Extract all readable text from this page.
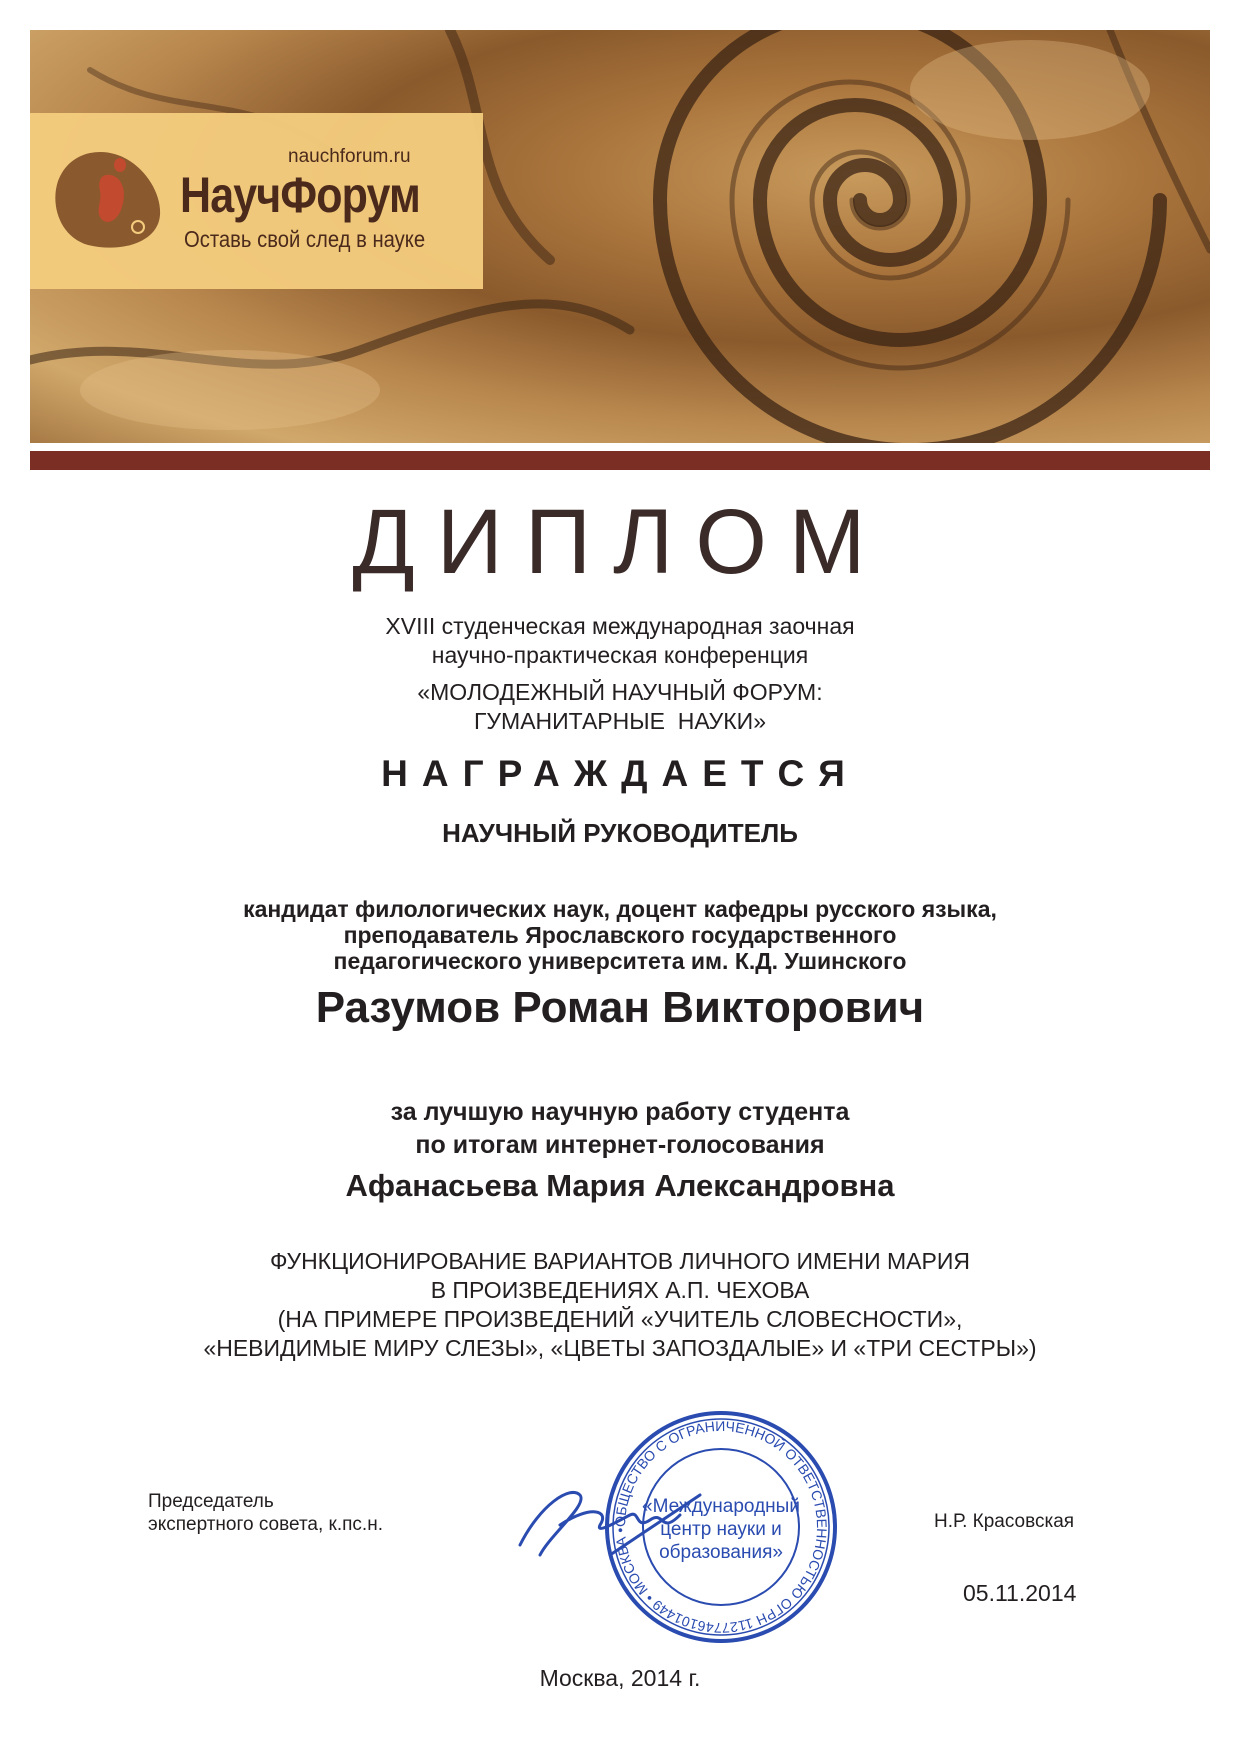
nauchforum.ru
НаучФорум
Оставь свой след в науке
ДИПЛОМ
XVIII студенческая международная заочная
научно-практическая конференция
«МОЛОДЕЖНЫЙ НАУЧНЫЙ ФОРУМ:
ГУМАНИТАРНЫЕ  НАУКИ»
НАГРАЖДАЕТСЯ
НАУЧНЫЙ РУКОВОДИТЕЛЬ
кандидат филологических наук, доцент кафедры русского языка,
преподаватель Ярославского государственного
педагогического университета им. К.Д. Ушинского
Разумов Роман Викторович
за лучшую научную работу студента
по итогам интернет-голосования
Афанасьева Мария Александровна
ФУНКЦИОНИРОВАНИЕ ВАРИАНТОВ ЛИЧНОГО ИМЕНИ МАРИЯ
В ПРОИЗВЕДЕНИЯХ А.П. ЧЕХОВА
(НА ПРИМЕРЕ ПРОИЗВЕДЕНИЙ «УЧИТЕЛЬ СЛОВЕСНОСТИ»,
«НЕВИДИМЫЕ МИРУ СЛЕЗЫ», «ЦВЕТЫ ЗАПОЗДАЛЫЕ» И «ТРИ СЕСТРЫ»)
Председатель
экспертного совета, к.пс.н.	ОБЩЕСТВО С ОГРАНИЧЕННОЙ ОТВЕТСТВЕННОСТЬЮ ОГРН 1127746101449 • МОСКВА •
«Международный
центр науки и
образования»
Н.Р. Красовская
05.11.2014
Москва, 2014 г.
